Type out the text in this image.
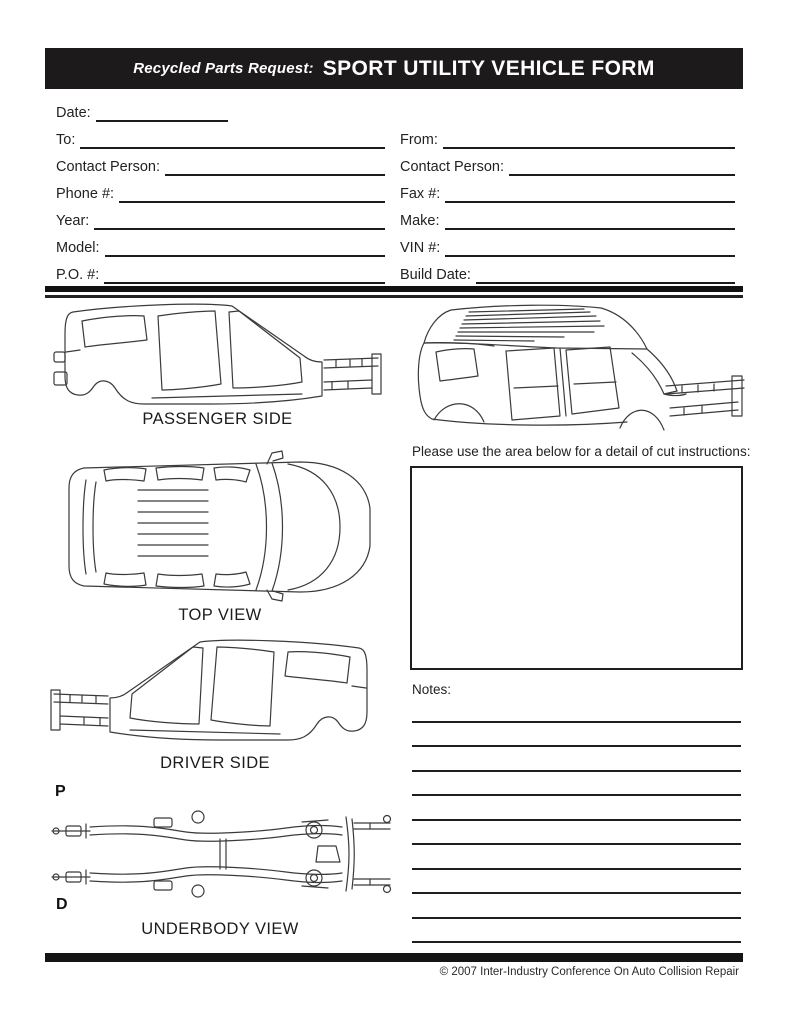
Recycled Parts Request: SPORT UTILITY VEHICLE FORM
Date:
To:
Contact Person:
Phone #:
Year:
Model:
P.O. #:
From:
Contact Person:
Fax #:
Make:
VIN #:
Build Date:
PASSENGER SIDE
Please use the area below for a detail of cut instructions:
TOP VIEW
DRIVER SIDE
P
D
UNDERBODY VIEW
Notes:
© 2007 Inter-Industry Conference On Auto Collision Repair
